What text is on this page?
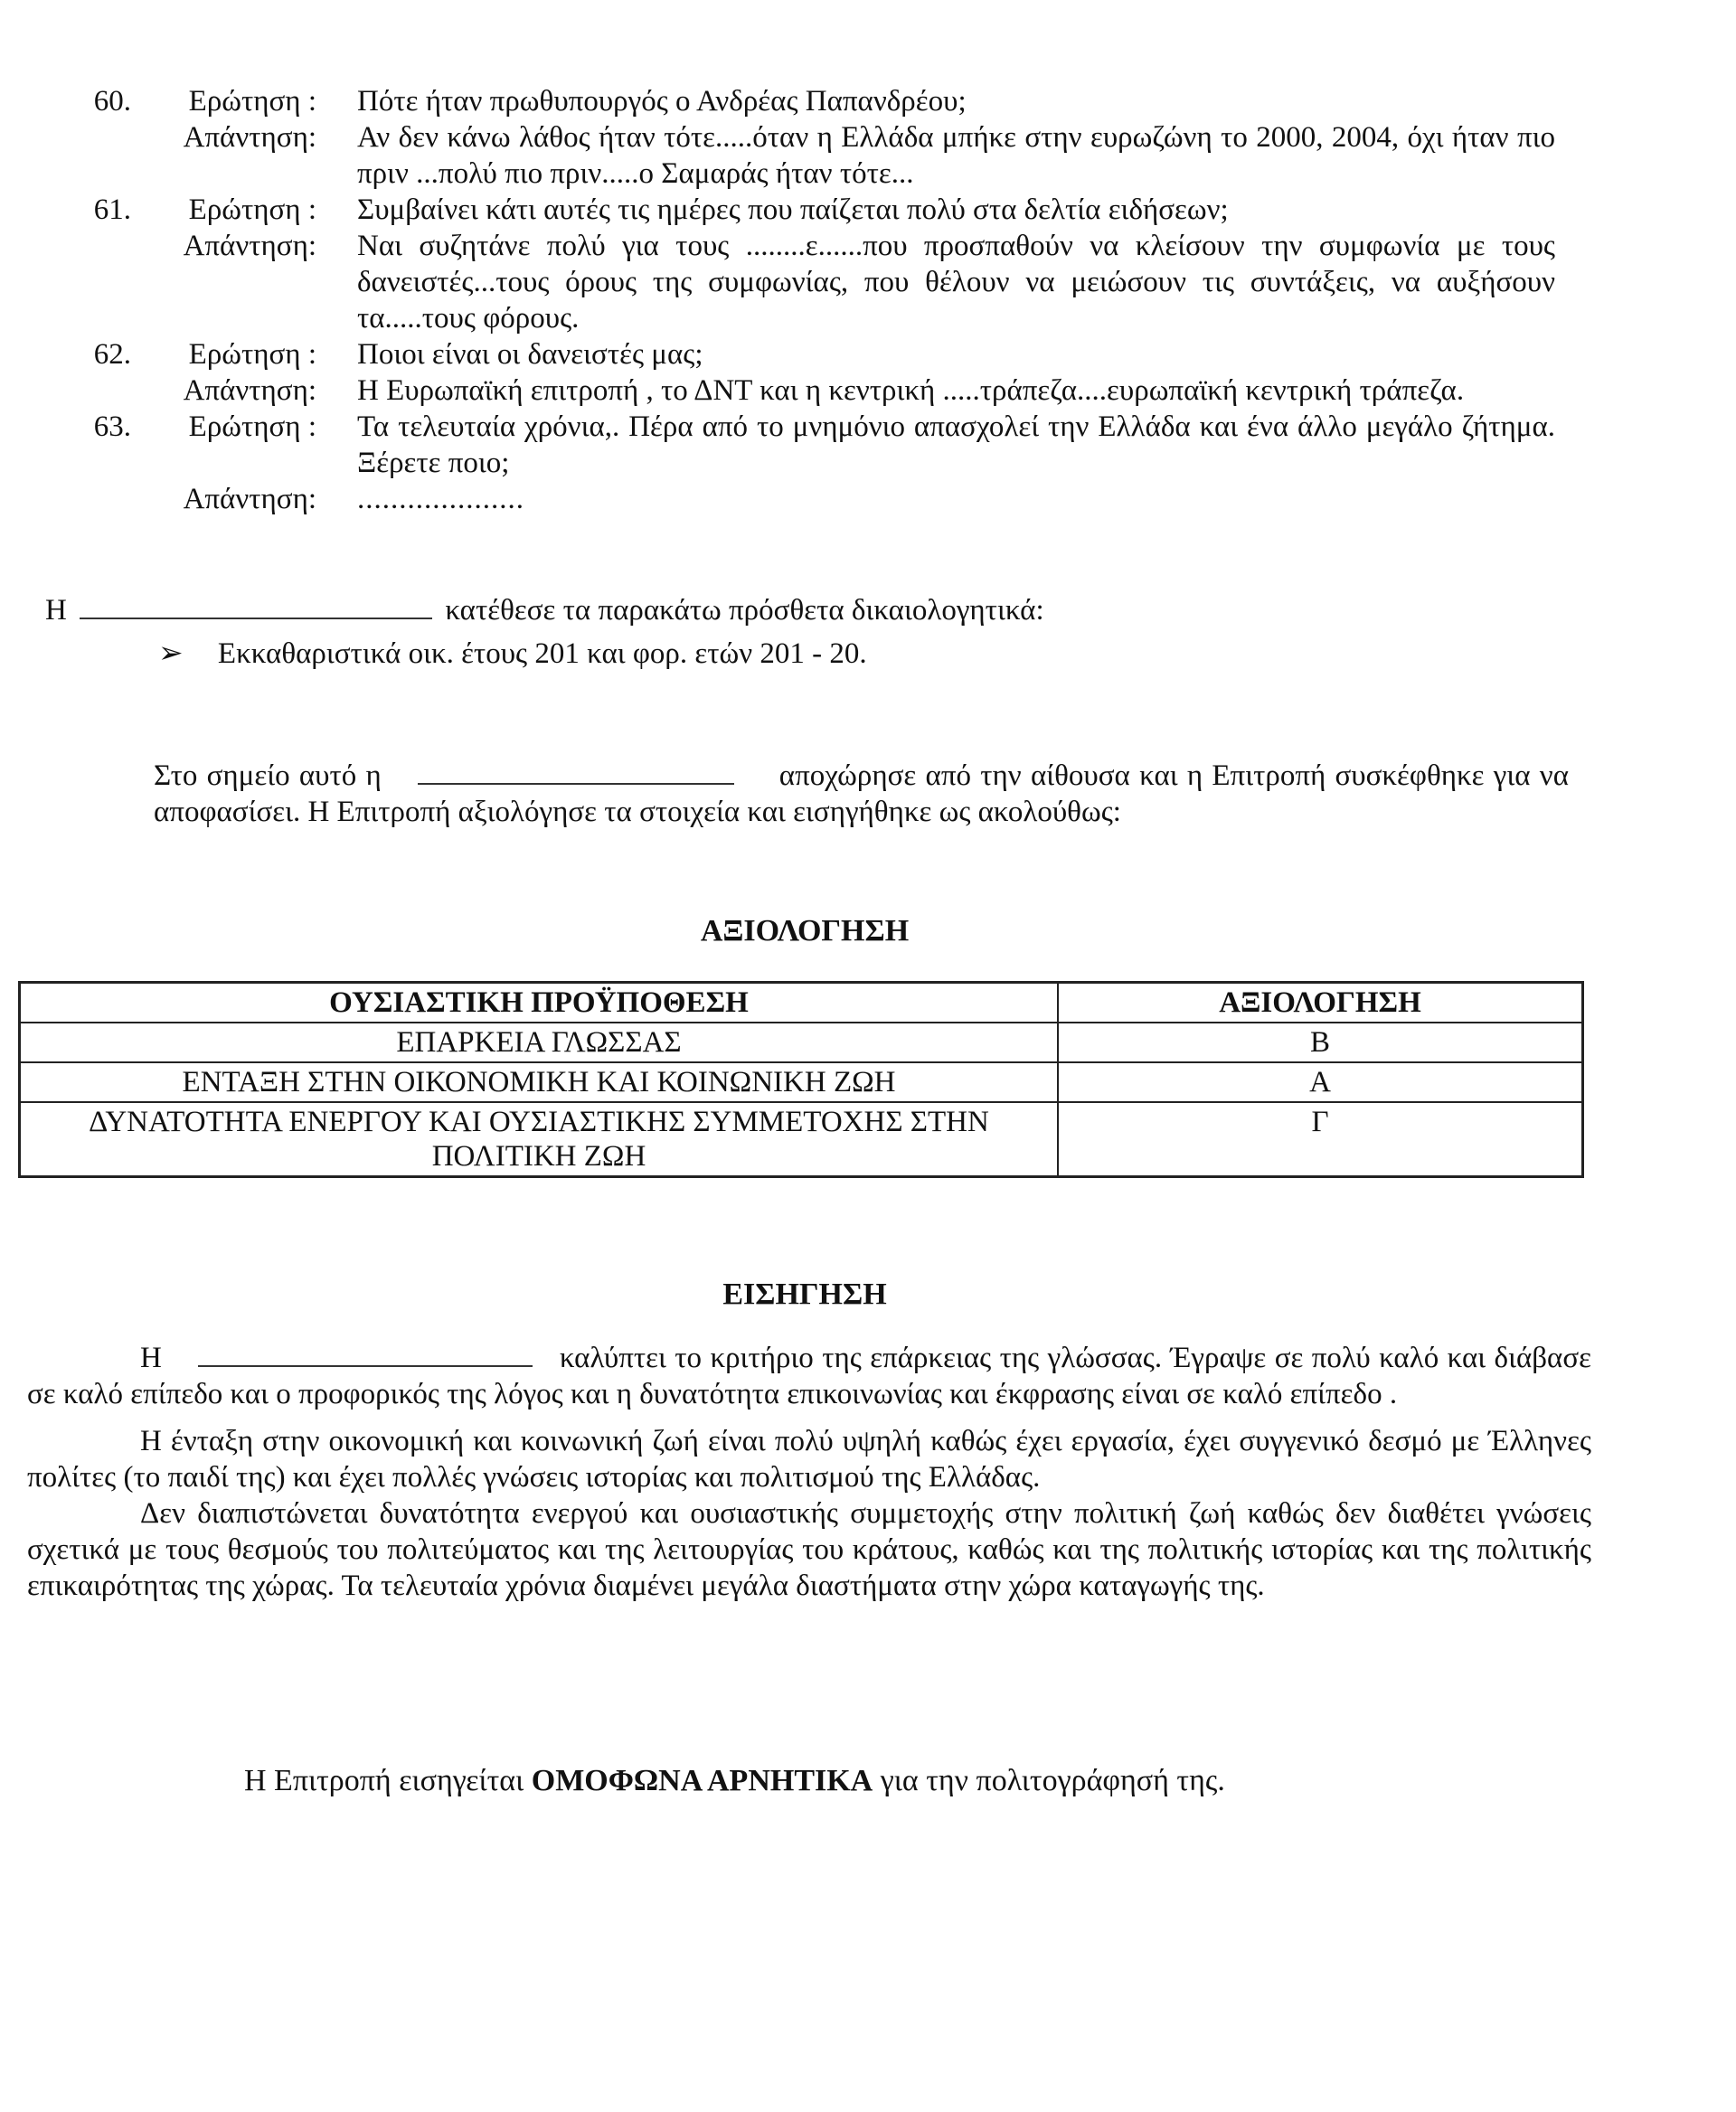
60.	Ερώτηση :	Πότε ήταν πρωθυπουργός ο Ανδρέας Παπανδρέου;
Απάντηση:	Αν δεν κάνω λάθος ήταν τότε.....όταν η Ελλάδα μπήκε στην ευρωζώνη το 2000, 2004, όχι ήταν πιο πριν ...πολύ πιο πριν.....ο Σαμαράς ήταν τότε...
61.	Ερώτηση :	Συμβαίνει κάτι αυτές τις ημέρες που παίζεται πολύ στα δελτία ειδήσεων;
Απάντηση:	Ναι συζητάνε πολύ για τους ........ε......που προσπαθούν να κλείσουν την συμφωνία με τους δανειστές...τους όρους της συμφωνίας, που θέλουν να μειώσουν τις συντάξεις, να αυξήσουν τα.....τους φόρους.
62.	Ερώτηση :	Ποιοι είναι οι δανειστές μας;
Απάντηση:	Η Ευρωπαϊκή επιτροπή , το ΔΝΤ και η κεντρική .....τράπεζα....ευρωπαϊκή κεντρική τράπεζα.
63.	Ερώτηση :	Τα τελευταία χρόνια,. Πέρα από το μνημόνιο απασχολεί την Ελλάδα και ένα άλλο μεγάλο ζήτημα. Ξέρετε ποιο;
Απάντηση:	....................
Η	κατέθεσε τα παρακάτω πρόσθετα δικαιολογητικά:
➢ Εκκαθαριστικά οικ. έτους 201 και φορ. ετών 201 - 20.
Στο σημείο αυτό η	αποχώρησε από την αίθουσα και η Επιτροπή συσκέφθηκε για να αποφασίσει. Η Επιτροπή αξιολόγησε τα στοιχεία και εισηγήθηκε ως ακολούθως:
ΑΞΙΟΛΟΓΗΣΗ
ΟΥΣΙΑΣΤΙΚΗ ΠΡΟΫΠΟΘΕΣΗ	ΑΞΙΟΛΟΓΗΣΗ
ΕΠΑΡΚΕΙΑ ΓΛΩΣΣΑΣ	Β
ΕΝΤΑΞΗ ΣΤΗΝ ΟΙΚΟΝΟΜΙΚΗ ΚΑΙ ΚΟΙΝΩΝΙΚΗ ΖΩΗ	Α
ΔΥΝΑΤΟΤΗΤΑ ΕΝΕΡΓΟΥ ΚΑΙ ΟΥΣΙΑΣΤΙΚΗΣ ΣΥΜΜΕΤΟΧΗΣ ΣΤΗΝ ΠΟΛΙΤΙΚΗ ΖΩΗ	Γ
ΕΙΣΗΓΗΣΗ

Η	καλύπτει το κριτήριο της επάρκειας της γλώσσας. Έγραψε σε πολύ καλό και διάβασε σε καλό επίπεδο και ο προφορικός της λόγος και η δυνατότητα επικοινωνίας και έκφρασης είναι σε καλό επίπεδο .

Η ένταξη στην οικονομική και κοινωνική ζωή είναι πολύ υψηλή καθώς έχει εργασία, έχει συγγενικό δεσμό με Έλληνες πολίτες (το παιδί της) και έχει πολλές γνώσεις ιστορίας και πολιτισμού της Ελλάδας.

Δεν διαπιστώνεται δυνατότητα ενεργού και ουσιαστικής συμμετοχής στην πολιτική ζωή καθώς δεν διαθέτει γνώσεις σχετικά με τους θεσμούς του πολιτεύματος και της λειτουργίας του κράτους, καθώς και της πολιτικής ιστορίας και της πολιτικής επικαιρότητας της χώρας. Τα τελευταία χρόνια διαμένει μεγάλα διαστήματα στην χώρα καταγωγής της.

Η Επιτροπή εισηγείται ΟΜΟΦΩΝΑ ΑΡΝΗΤΙΚΑ για την πολιτογράφησή της.
